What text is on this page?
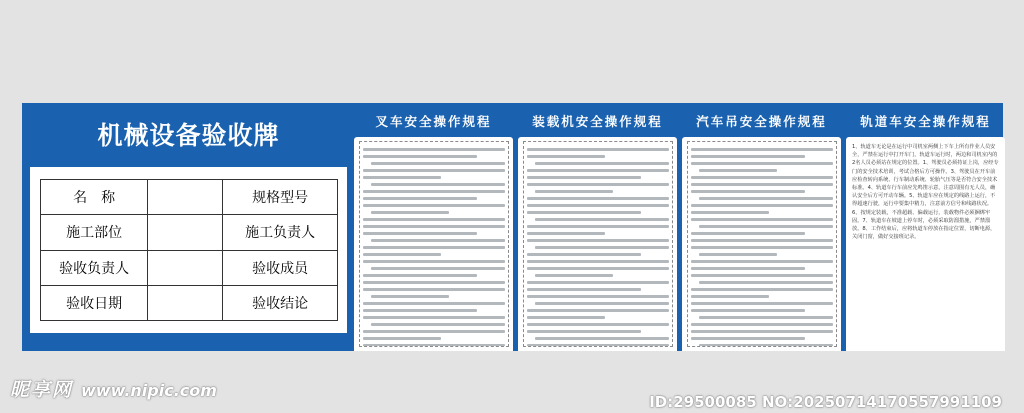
机械设备验收牌
名　称		规格型号
施工部位		施工负责人
验收负责人		验收成员
验收日期		验收结论
叉车安全操作规程	装载机安全操作规程	汽车吊安全操作规程	轨道车安全操作规程
1、轨道车无论是在运行中司机室两侧上下车上所有作业人员安全，严禁在运行中打开车门，轨道车运行时，两边和司机室内的2名人员必须站在规定的位置。1、驾驶员必须持证上岗，应经专门的安全技术培训，考试合格后方可操作。3、驾驶员在开车前应检查转向系统、行车制动系统、轮胎气压等是否符合安全技术标准。4、轨道车行车前应先鸣笛示意，注意周围有无人员，确认安全后方可开动车辆。5、轨道车应在规定的线路上运行，不得超速行驶，运行中要集中精力，注意前方信号和线路状况。6、按规定装载，不准超载、偏载运行，装载物件必须捆绑牢固。7、轨道车在坡道上停车时，必须采取防溜措施，严禁溜放。8、工作结束后，应将轨道车停放在指定位置，切断电源，关闭门窗，做好交接班记录。
昵享网 www.nipic.com
ID:29500085 NO:20250714170557991109
